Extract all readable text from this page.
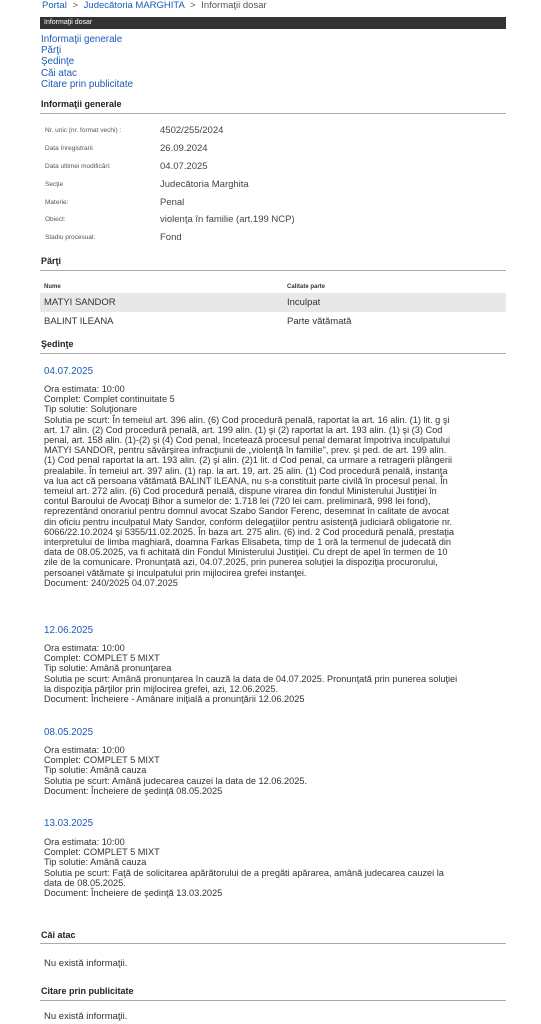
Portal > Judecătoria MARGHITA > Informaţii dosar
Informaţii dosar
Informaţii generale
Părţi
Şedinţe
Căi atac
Citare prin publicitate
Informaţii generale
Nr. unic (nr. format vechi) :	4502/255/2024
Data înregistrarii	26.09.2024
Data ultimei modificări:	04.07.2025
Secţie	Judecătoria Marghita
Materie:	Penal
Obiect:	violenţa în familie (art.199 NCP)
Stadiu procesual:	Fond
Părţi
Nume	Calitate parte
MATYI SANDOR	Inculpat
BALINT ILEANA	Parte vătămată
Şedinţe
04.07.2025
Ora estimata: 10:00
Complet: Complet continuitate 5
Tip solutie: Soluţionare
Solutia pe scurt: În temeiul art. 396 alin. (6) Cod procedură penală, raportat la art. 16 alin. (1) lit. g şi
art. 17 alin. (2) Cod procedură penală, art. 199 alin. (1) şi (2) raportat la art. 193 alin. (1) şi (3) Cod
penal, art. 158 alin. (1)-(2) şi (4) Cod penal, încetează procesul penal demarat împotriva inculpatului
MATYI SANDOR, pentru săvârşirea infracţiunii de „violenţă în familie", prev. şi ped. de art. 199 alin.
(1) Cod penal raportat la art. 193 alin. (2) şi alin. (2)1 lit. d Cod penal, ca urmare a retragerii plângerii
prealabile. În temeiul art. 397 alin. (1) rap. la art. 19, art. 25 alin. (1) Cod procedură penală, instanţa
va lua act că persoana vătămată BALINT ILEANA, nu s-a constituit parte civilă în procesul penal. În
temeiul art. 272 alin. (6) Cod procedură penală, dispune virarea din fondul Ministerului Justiţiei în
contul Baroului de Avocaţi Bihor a sumelor de: 1.718 lei (720 lei cam. preliminară, 998 lei fond),
reprezentând onorariul pentru domnul avocat Szabo Sandor Ferenc, desemnat în calitate de avocat
din oficiu pentru inculpatul Maty Sandor, conform delegaţiilor pentru asistenţă judiciară obligatorie nr.
6066/22.10.2024 şi 5355/11.02.2025. În baza art. 275 alin. (6) ind. 2 Cod procedură penală, prestaţia
interpretului de limba maghiară, doamna Farkas Elisabeta, timp de 1 oră la termenul de judecată din
data de 08.05.2025, va fi achitată din Fondul Ministerului Justiţiei. Cu drept de apel în termen de 10
zile de la comunicare. Pronunţată azi, 04.07.2025, prin punerea soluţiei la dispoziţia procurorului,
persoanei vătămate şi inculpatului prin mijlocirea grefei instanţei.
Document: 240/2025 04.07.2025
12.06.2025
Ora estimata: 10:00
Complet: COMPLET 5 MIXT
Tip solutie: Amână pronunţarea
Solutia pe scurt: Amână pronunţarea în cauză la data de 04.07.2025. Pronunţată prin punerea soluţiei
la dispoziţia părţilor prin mijlocirea grefei, azi, 12.06.2025.
Document: Încheiere - Amânare iniţială a pronunţării 12.06.2025
08.05.2025
Ora estimata: 10:00
Complet: COMPLET 5 MIXT
Tip solutie: Amână cauza
Solutia pe scurt: Amână judecarea cauzei la data de 12.06.2025.
Document: Încheiere de şedinţă 08.05.2025
13.03.2025
Ora estimata: 10:00
Complet: COMPLET 5 MIXT
Tip solutie: Amână cauza
Solutia pe scurt: Faţă de solicitarea apărătorului de a pregăti apărarea, amână judecarea cauzei la
data de 08.05.2025.
Document: Încheiere de şedinţă 13.03.2025
Căi atac
Nu există informaţii.
Citare prin publicitate
Nu există informaţii.
